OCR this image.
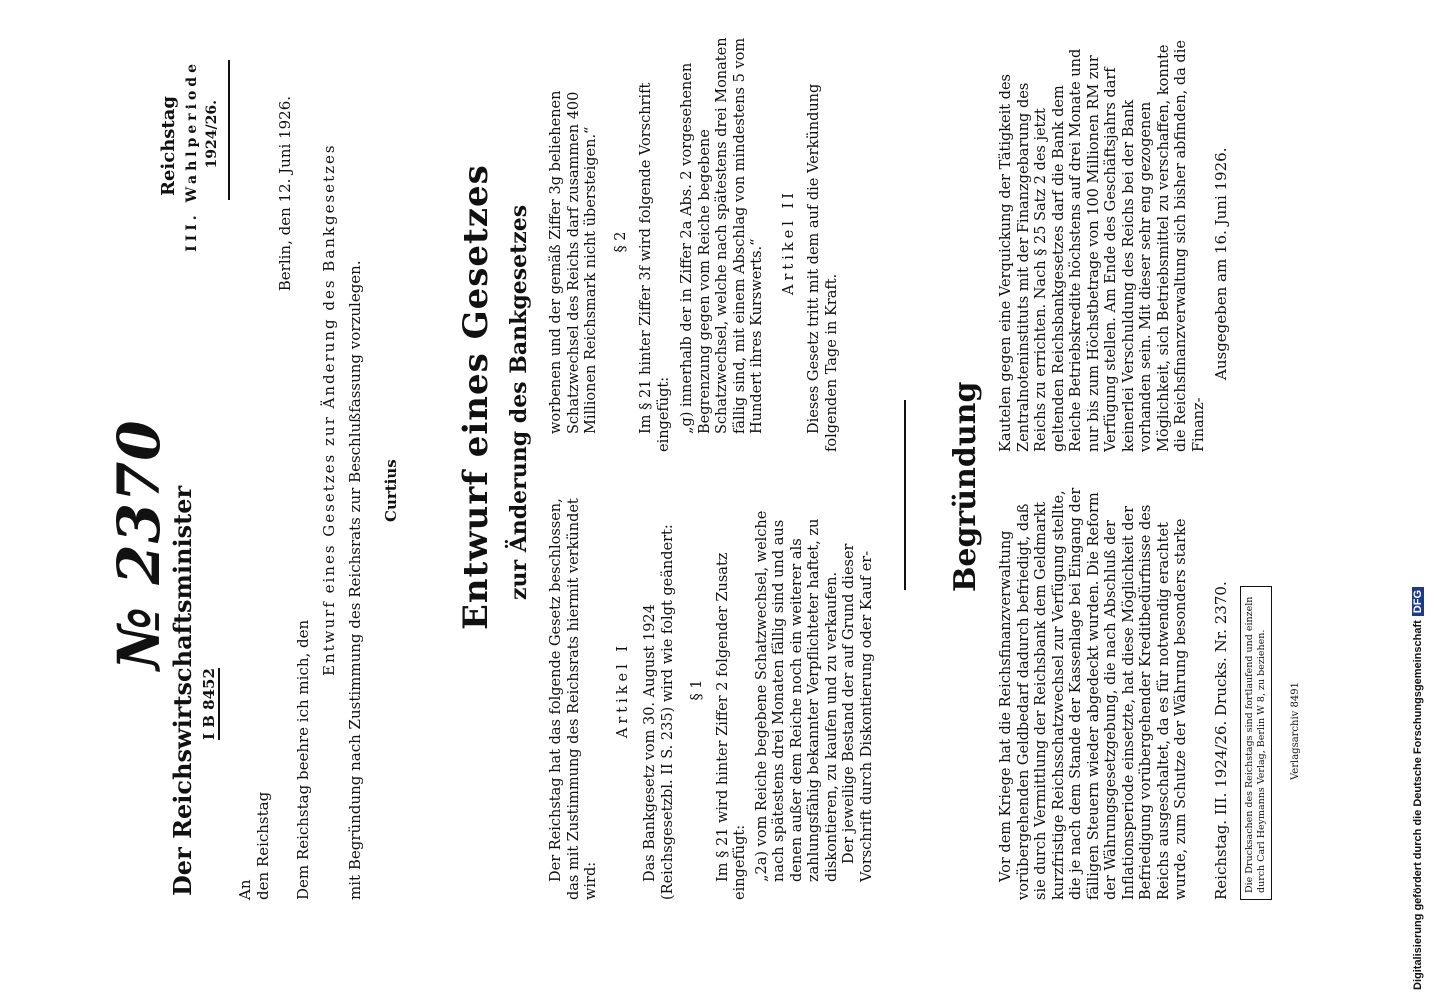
Der Reichswirtschaftsminister I B 8452
№ 2370
Reichstag III. Wahlperiode 1924/26.	Berlin, den 12. Juni 1926.
An den Reichstag Dem Reichstag beehre ich mich, den
Entwurf eines Gesetzes zur Änderung des Bankgesetzes mit Begründung nach Zustimmung des Reichsrats zur Beschlußfassung vorzulegen. Curtius Entwurf eines Gesetzes zur Änderung des Bankgesetzes

Der Reichstag hat das folgende Gesetz beschlossen, das mit Zustimmung des Reichsrats hiermit verkündet wird:

Artikel I Das Bankgesetz vom 30. August 1924 (Reichsgesetzbl. II S. 235) wird wie folgt geändert: § 1 Im § 21 wird hinter Ziffer 2 folgender Zusatz eingefügt: „2a) vom Reiche begebene Schatzwechsel, welche nach spätestens drei Monaten fällig sind und aus denen außer dem Reiche noch ein weiterer als zahlungsfähig bekannter Verpflichteter haftet, zu diskontieren, zu kaufen und zu verkaufen. Der jeweilige Bestand der auf Grund dieser Vorschrift durch Diskontierung oder Kauf er-

worbenen und der gemäß Ziffer 3g beliehenen Schatzwechsel des Reichs darf zusammen 400 Millionen Reichsmark nicht übersteigen.“ § 2 Im § 21 hinter Ziffer 3f wird folgende Vorschrift eingefügt: „g) innerhalb der in Ziffer 2a Abs. 2 vorgesehenen Begrenzung gegen vom Reiche begebene Schatzwechsel, welche nach spätestens drei Monaten fällig sind, mit einem Abschlag von mindestens 5 vom Hundert ihres Kurswerts.“ Artikel II Dieses Gesetz tritt mit dem auf die Verkündung folgenden Tage in Kraft.

Begründung

Vor dem Kriege hat die Reichsfinanzverwaltung vorübergehenden Geldbedarf dadurch befriedigt, daß sie durch Vermittlung der Reichsbank dem Geldmarkt kurzfristige Reichsschatzwechsel zur Verfügung stellte, die je nach dem Stande der Kassenlage bei Eingang der fälligen Steuern wieder abgedeckt wurden. Die Reform der Währungsgesetzgebung, die nach Abschluß der Inflationsperiode einsetzte, hat diese Möglichkeit der Befriedigung vorübergehender Kreditbedürfnisse des Reichs ausgeschaltet, da es für notwendig erachtet wurde, zum Schutze der Währung besonders starke

Kautelen gegen eine Verquickung der Tätigkeit des Zentralnoteninstituts mit der Finanzgebarung des Reichs zu errichten. Nach § 25 Satz 2 des jetzt geltenden Reichsbankgesetzes darf die Bank dem Reiche Betriebskredite höchstens auf drei Monate und nur bis zum Höchstbetrage von 100 Millionen RM zur Verfügung stellen. Am Ende des Geschäftsjahrs darf keinerlei Verschuldung des Reichs bei der Bank vorhanden sein. Mit dieser sehr eng gezogenen Möglichkeit, sich Betriebsmittel zu verschaffen, konnte die Reichsfinanzverwaltung sich bisher abfinden, da die Finanz-

Reichstag. III. 1924/26. Drucks. Nr. 2370.
Ausgegeben am 16. Juni 1926.
Die Drucksachen des Reichstags sind fortlaufend und einzeln durch Carl Heymanns Verlag, Berlin W 8, zu beziehen.	Verlagsarchiv 8491	Digitalisierung gefördert durch die Deutsche ForschungsgemeinschaftDFG
